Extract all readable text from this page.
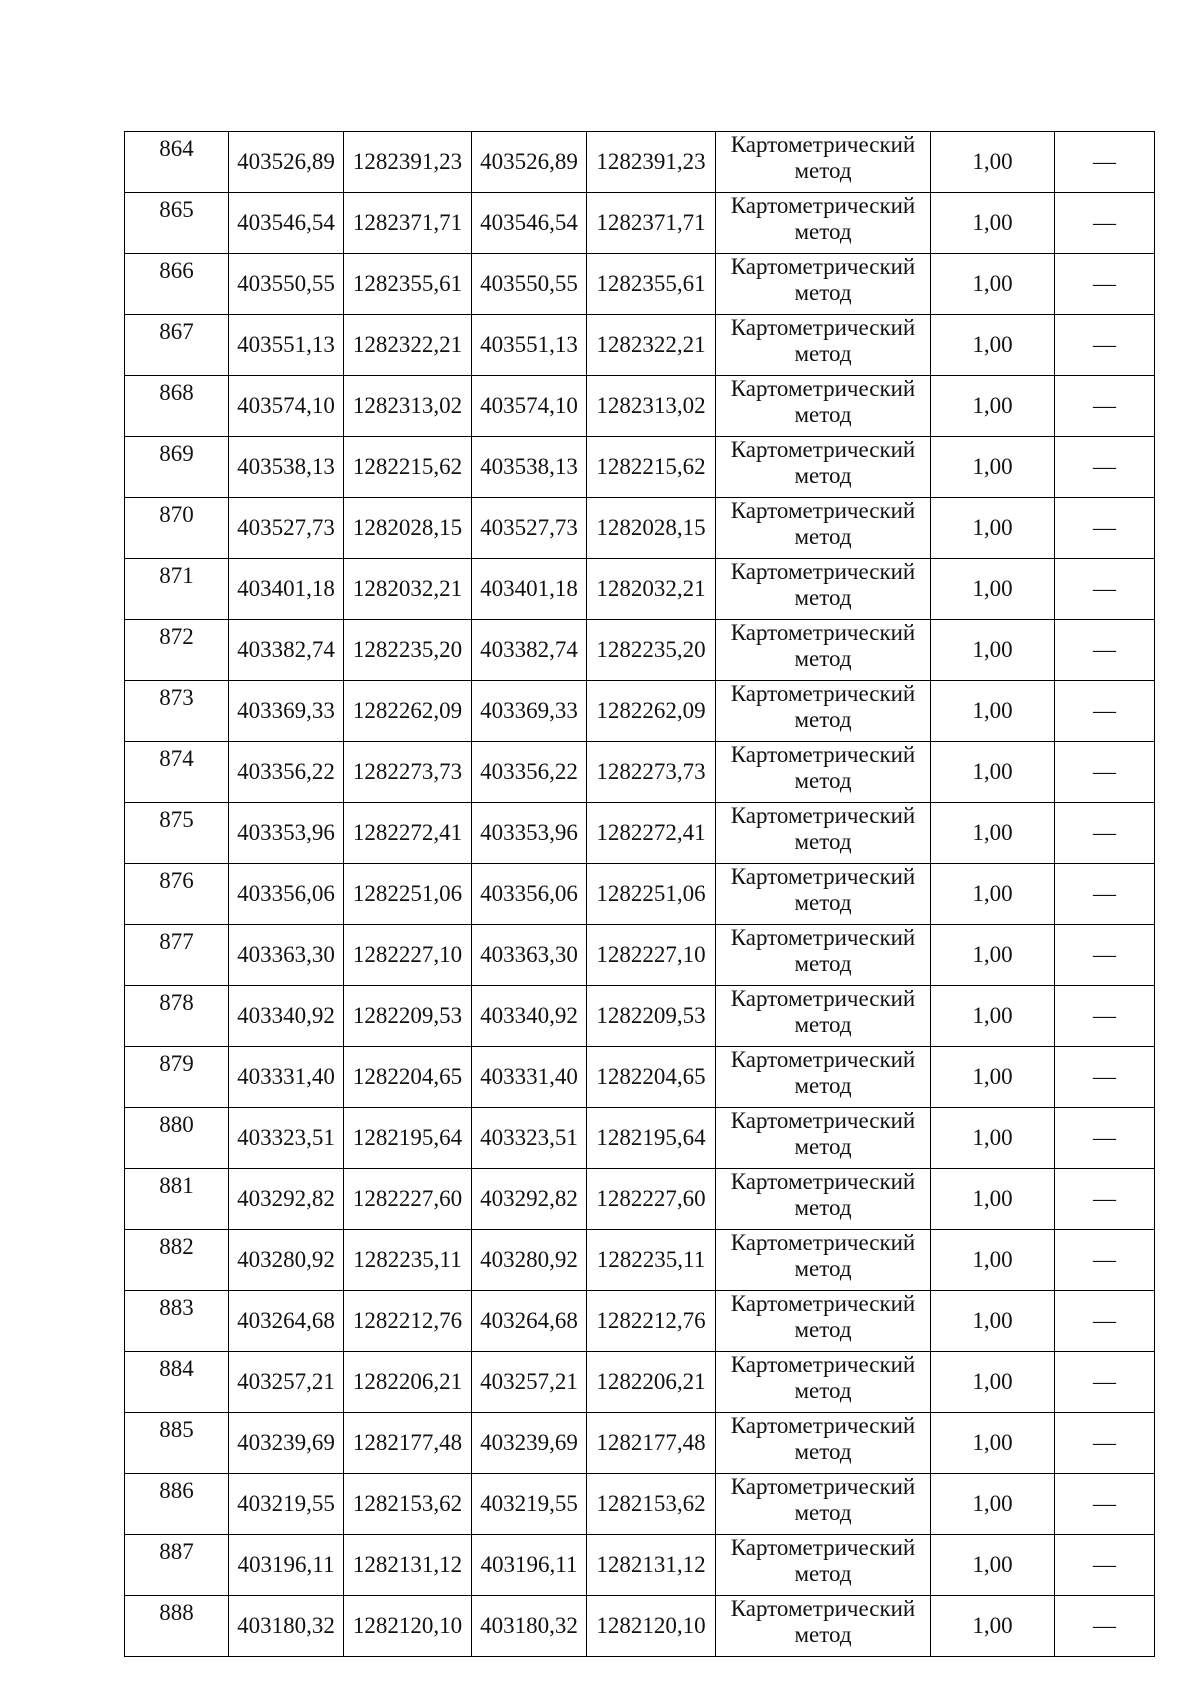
864	403526,89	1282391,23	403526,89	1282391,23	Картометрический
метод	1,00	—
865	403546,54	1282371,71	403546,54	1282371,71	Картометрический
метод	1,00	—
866	403550,55	1282355,61	403550,55	1282355,61	Картометрический
метод	1,00	—
867	403551,13	1282322,21	403551,13	1282322,21	Картометрический
метод	1,00	—
868	403574,10	1282313,02	403574,10	1282313,02	Картометрический
метод	1,00	—
869	403538,13	1282215,62	403538,13	1282215,62	Картометрический
метод	1,00	—
870	403527,73	1282028,15	403527,73	1282028,15	Картометрический
метод	1,00	—
871	403401,18	1282032,21	403401,18	1282032,21	Картометрический
метод	1,00	—
872	403382,74	1282235,20	403382,74	1282235,20	Картометрический
метод	1,00	—
873	403369,33	1282262,09	403369,33	1282262,09	Картометрический
метод	1,00	—
874	403356,22	1282273,73	403356,22	1282273,73	Картометрический
метод	1,00	—
875	403353,96	1282272,41	403353,96	1282272,41	Картометрический
метод	1,00	—
876	403356,06	1282251,06	403356,06	1282251,06	Картометрический
метод	1,00	—
877	403363,30	1282227,10	403363,30	1282227,10	Картометрический
метод	1,00	—
878	403340,92	1282209,53	403340,92	1282209,53	Картометрический
метод	1,00	—
879	403331,40	1282204,65	403331,40	1282204,65	Картометрический
метод	1,00	—
880	403323,51	1282195,64	403323,51	1282195,64	Картометрический
метод	1,00	—
881	403292,82	1282227,60	403292,82	1282227,60	Картометрический
метод	1,00	—
882	403280,92	1282235,11	403280,92	1282235,11	Картометрический
метод	1,00	—
883	403264,68	1282212,76	403264,68	1282212,76	Картометрический
метод	1,00	—
884	403257,21	1282206,21	403257,21	1282206,21	Картометрический
метод	1,00	—
885	403239,69	1282177,48	403239,69	1282177,48	Картометрический
метод	1,00	—
886	403219,55	1282153,62	403219,55	1282153,62	Картометрический
метод	1,00	—
887	403196,11	1282131,12	403196,11	1282131,12	Картометрический
метод	1,00	—
888	403180,32	1282120,10	403180,32	1282120,10	Картометрический
метод	1,00	—
